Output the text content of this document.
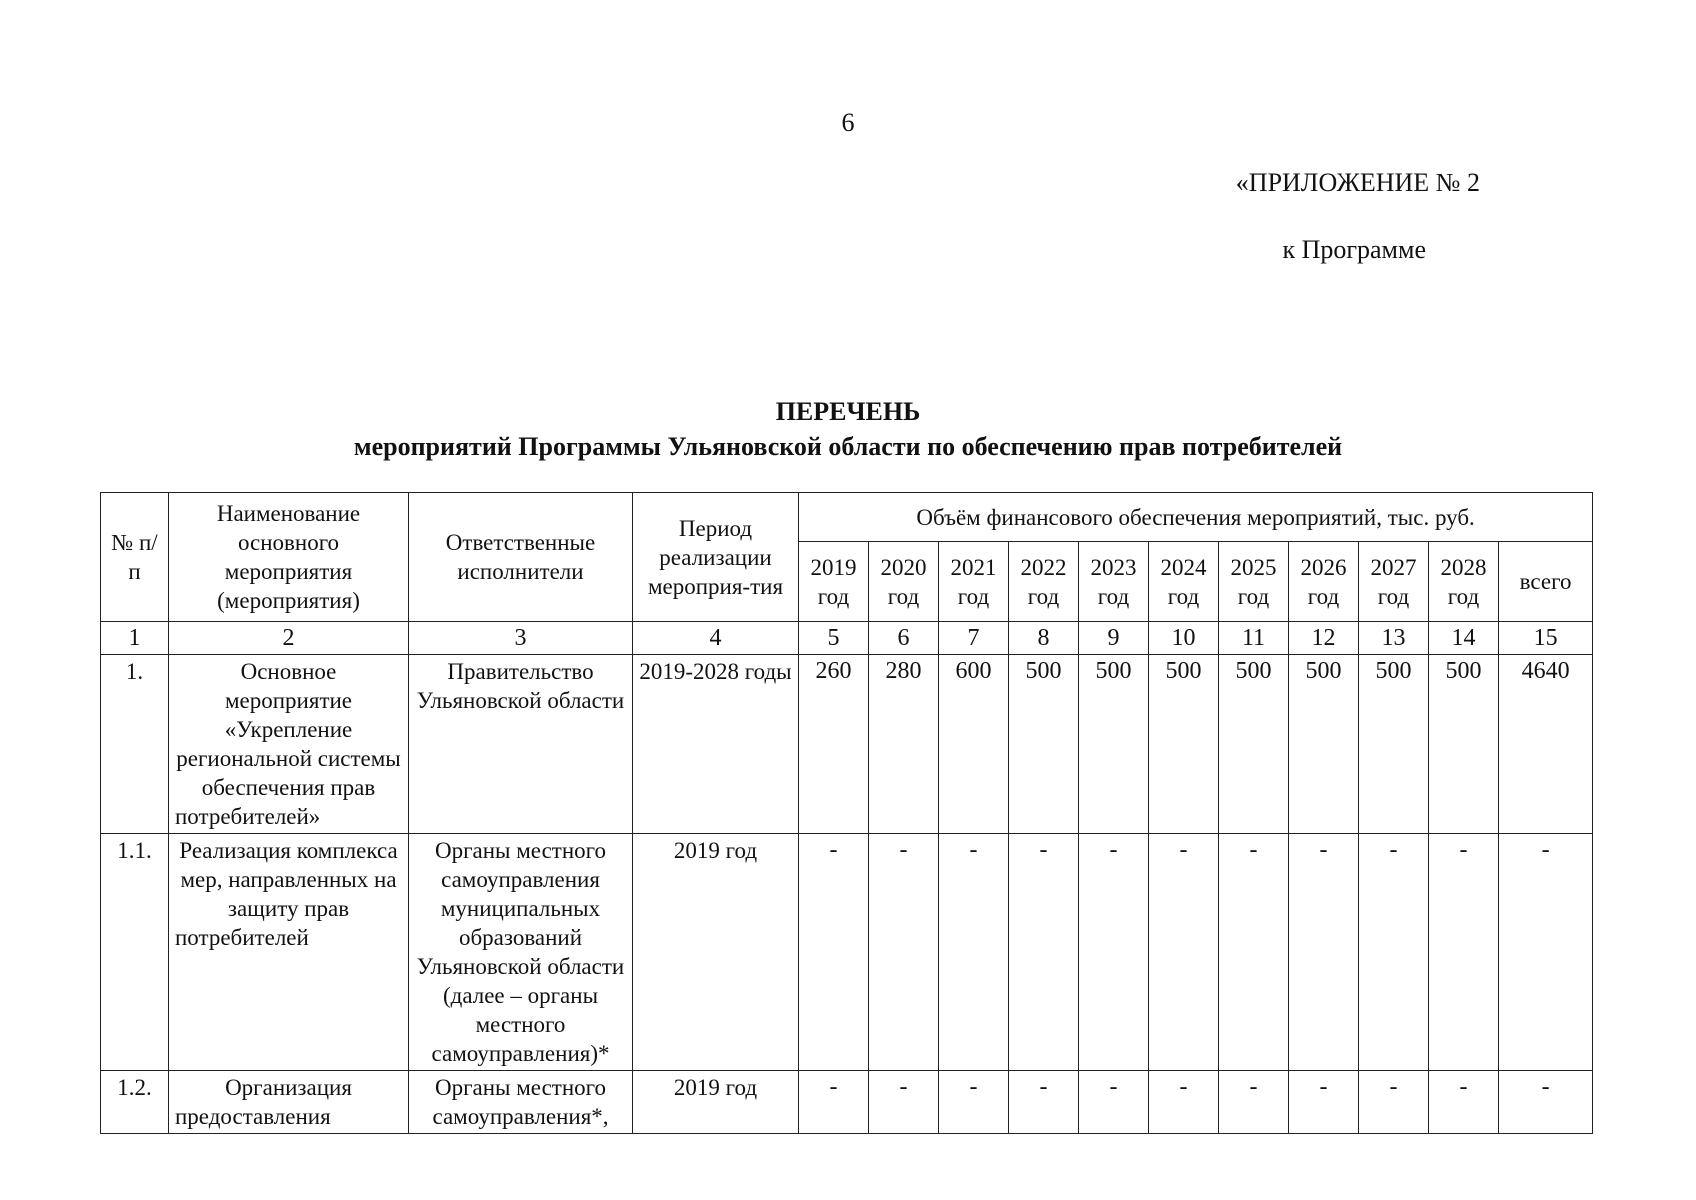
6
«ПРИЛОЖЕНИЕ № 2
к Программе
ПЕРЕЧЕНЬ
мероприятий Программы Ульяновской области по обеспечению прав потребителей
№ п/п	Наименование основного мероприятия (мероприятия)	Ответственные исполнители	Период реализации мероприя-тия	Объём финансового обеспечения мероприятий, тыс. руб.										
				2019 год	2020 год	2021 год	2022 год	2023 год	2024 год	2025 год	2026 год	2027 год	2028 год	всего
1	2	3	4	5	6	7	8	9	10	11	12	13	14	15
1.	Основное мероприятие «Укрепление региональной системы обеспечения прав потребителей»	Правительство Ульяновской области	2019-2028 годы	260	280	600	500	500	500	500	500	500	500	4640
1.1.	Реализация комплекса мер, направленных на защиту прав потребителей	Органы местного самоуправления муниципальных образований Ульяновской области (далее – органы местного самоуправления)*	2019 год	-	-	-	-	-	-	-	-	-	-	-
1.2.	Организация предоставления	Органы местного самоуправления*,	2019 год	-	-	-	-	-	-	-	-	-	-	-
